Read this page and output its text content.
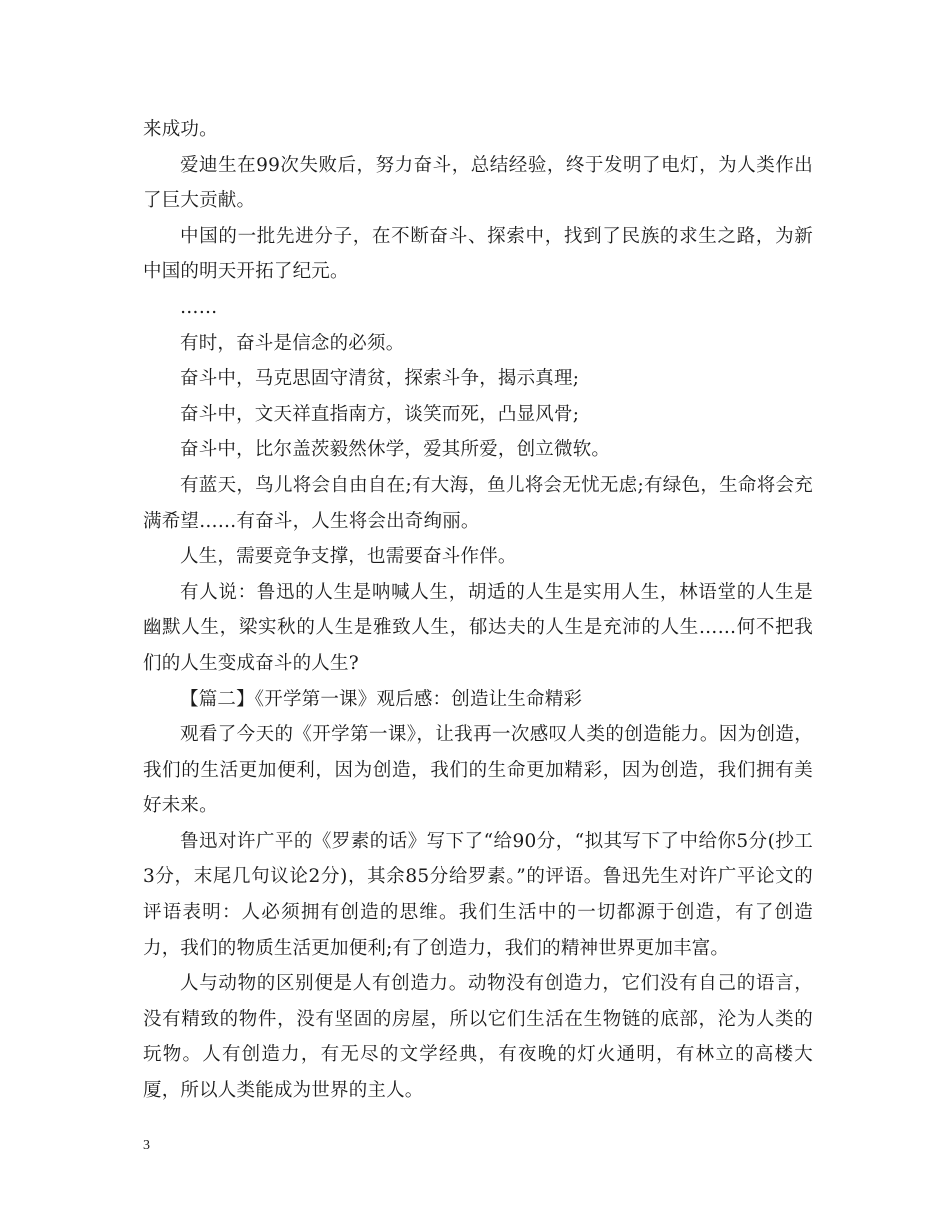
来成功。

爱迪生在99次失败后，努力奋斗，总结经验，终于发明了电灯，为人类作出了巨大贡献。

中国的一批先进分子，在不断奋斗、探索中，找到了民族的求生之路，为新中国的明天开拓了纪元。

……

有时，奋斗是信念的必须。

奋斗中，马克思固守清贫，探索斗争，揭示真理;

奋斗中，文天祥直指南方，谈笑而死，凸显风骨;

奋斗中，比尔盖茨毅然休学，爱其所爱，创立微软。

有蓝天，鸟儿将会自由自在;有大海，鱼儿将会无忧无虑;有绿色，生命将会充满希望……有奋斗，人生将会出奇绚丽。

人生，需要竞争支撑，也需要奋斗作伴。

有人说：鲁迅的人生是呐喊人生，胡适的人生是实用人生，林语堂的人生是幽默人生，梁实秋的人生是雅致人生，郁达夫的人生是充沛的人生……何不把我们的人生变成奋斗的人生?

【篇二】《开学第一课》观后感：创造让生命精彩

观看了今天的《开学第一课》，让我再一次感叹人类的创造能力。因为创造，我们的生活更加便利，因为创造，我们的生命更加精彩，因为创造，我们拥有美好未来。

鲁迅对许广平的《罗素的话》写下了“给90分，“拟其写下了中给你5分(抄工3分，末尾几句议论2分)，其余85分给罗素。”的评语。鲁迅先生对许广平论文的评语表明：人必须拥有创造的思维。我们生活中的一切都源于创造，有了创造力，我们的物质生活更加便利;有了创造力，我们的精神世界更加丰富。

人与动物的区别便是人有创造力。动物没有创造力，它们没有自己的语言，没有精致的物件，没有坚固的房屋，所以它们生活在生物链的底部，沦为人类的玩物。人有创造力，有无尽的文学经典，有夜晚的灯火通明，有林立的高楼大厦，所以人类能成为世界的主人。

3
